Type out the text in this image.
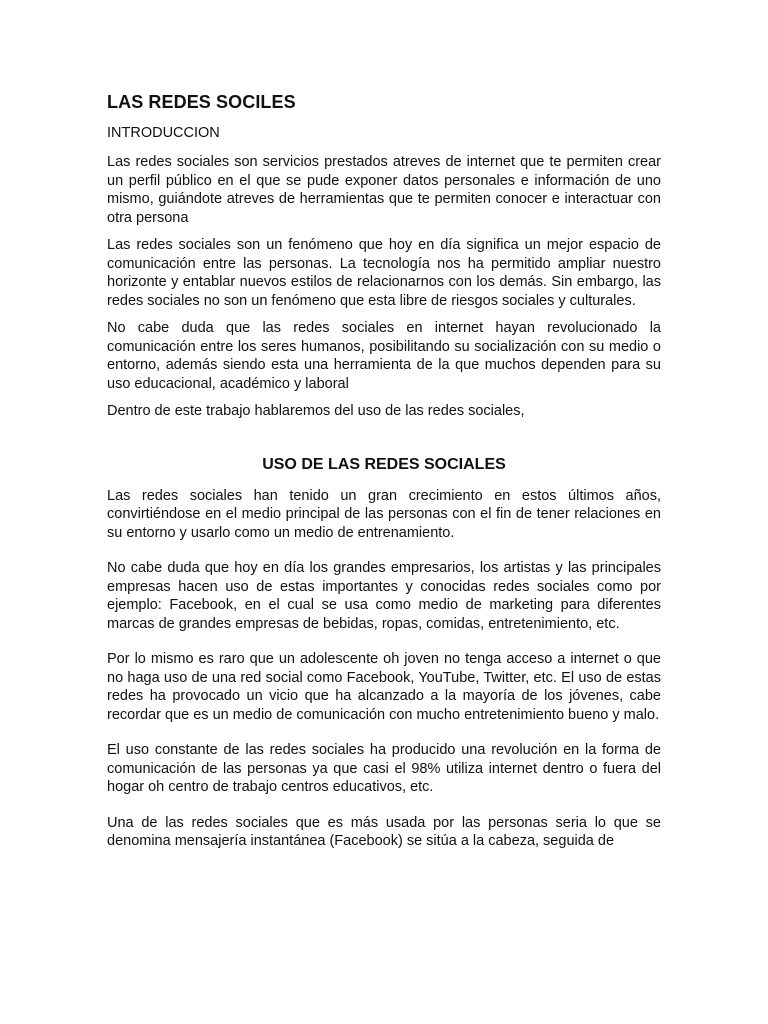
LAS REDES SOCILES
INTRODUCCION

Las redes sociales son servicios prestados atreves de internet que te permiten crear un perfil público en el que se pude exponer datos personales e información de uno mismo, guiándote atreves de herramientas que te permiten conocer e interactuar con otra persona

Las redes sociales son un fenómeno que hoy en día significa un mejor espacio de comunicación entre las personas. La tecnología nos ha permitido ampliar nuestro horizonte y entablar nuevos estilos de relacionarnos con los demás. Sin embargo, las redes sociales no son un fenómeno que esta libre de riesgos sociales y culturales.

No cabe duda que las redes sociales en internet hayan revolucionado la comunicación entre los seres humanos, posibilitando su socialización con su medio o entorno, además siendo esta una herramienta de la que muchos dependen para su uso educacional, académico y laboral

Dentro de este trabajo hablaremos del uso de las redes sociales,

USO DE LAS REDES SOCIALES

Las redes sociales han tenido un gran crecimiento en estos últimos años, convirtiéndose en el medio principal de las personas con el fin de tener relaciones en su entorno y usarlo como un medio de entrenamiento.

No cabe duda que hoy en día los grandes empresarios, los artistas y las principales empresas hacen uso de estas importantes y conocidas redes sociales como por ejemplo: Facebook, en el cual se usa como medio de marketing para diferentes marcas de grandes empresas de bebidas, ropas, comidas, entretenimiento, etc.

Por lo mismo es raro que un adolescente oh joven no tenga acceso a internet o que no haga uso de una red social como Facebook, YouTube, Twitter, etc. El uso de estas redes ha provocado un vicio que ha alcanzado a la mayoría de los jóvenes, cabe recordar que es un medio de comunicación con mucho entretenimiento bueno y malo.

El uso constante de las redes sociales ha producido una revolución en la forma de comunicación de las personas ya que casi el 98% utiliza internet dentro o fuera del hogar oh centro de trabajo centros educativos, etc.

Una de las redes sociales que es más usada por las personas seria lo que se denomina mensajería instantánea (Facebook) se sitúa a la cabeza, seguida de
